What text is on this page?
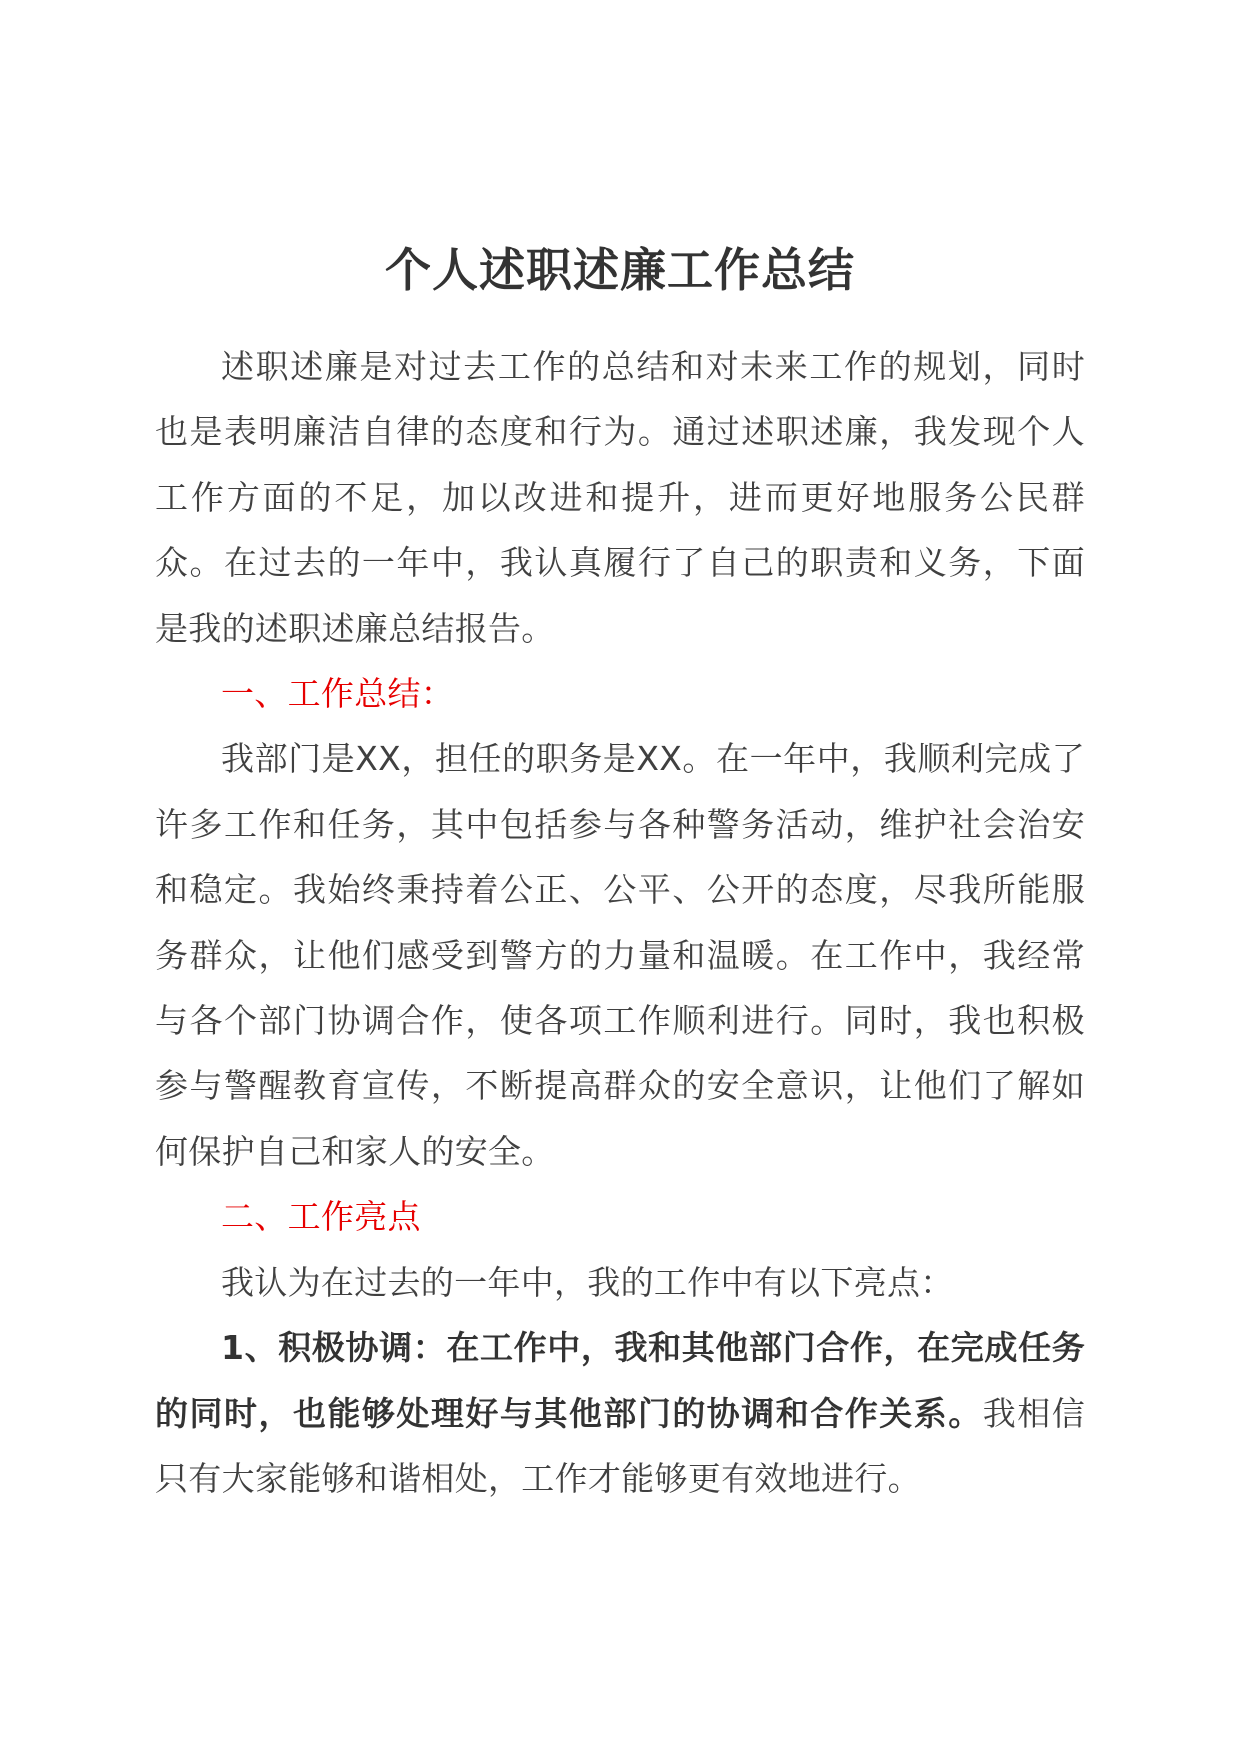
个人述职述廉工作总结

述职述廉是对过去工作的总结和对未来工作的规划，同时也是表明廉洁自律的态度和行为。通过述职述廉，我发现个人工作方面的不足，加以改进和提升，进而更好地服务公民群众。在过去的一年中，我认真履行了自己的职责和义务，下面是我的述职述廉总结报告。

一、工作总结：

我部门是XX，担任的职务是XX。在一年中，我顺利完成了许多工作和任务，其中包括参与各种警务活动，维护社会治安和稳定。我始终秉持着公正、公平、公开的态度，尽我所能服务群众，让他们感受到警方的力量和温暖。在工作中，我经常与各个部门协调合作，使各项工作顺利进行。同时，我也积极参与警醒教育宣传，不断提高群众的安全意识，让他们了解如何保护自己和家人的安全。

二、工作亮点

我认为在过去的一年中，我的工作中有以下亮点：

1、积极协调：在工作中，我和其他部门合作，在完成任务的同时，也能够处理好与其他部门的协调和合作关系。我相信只有大家能够和谐相处，工作才能够更有效地进行。
